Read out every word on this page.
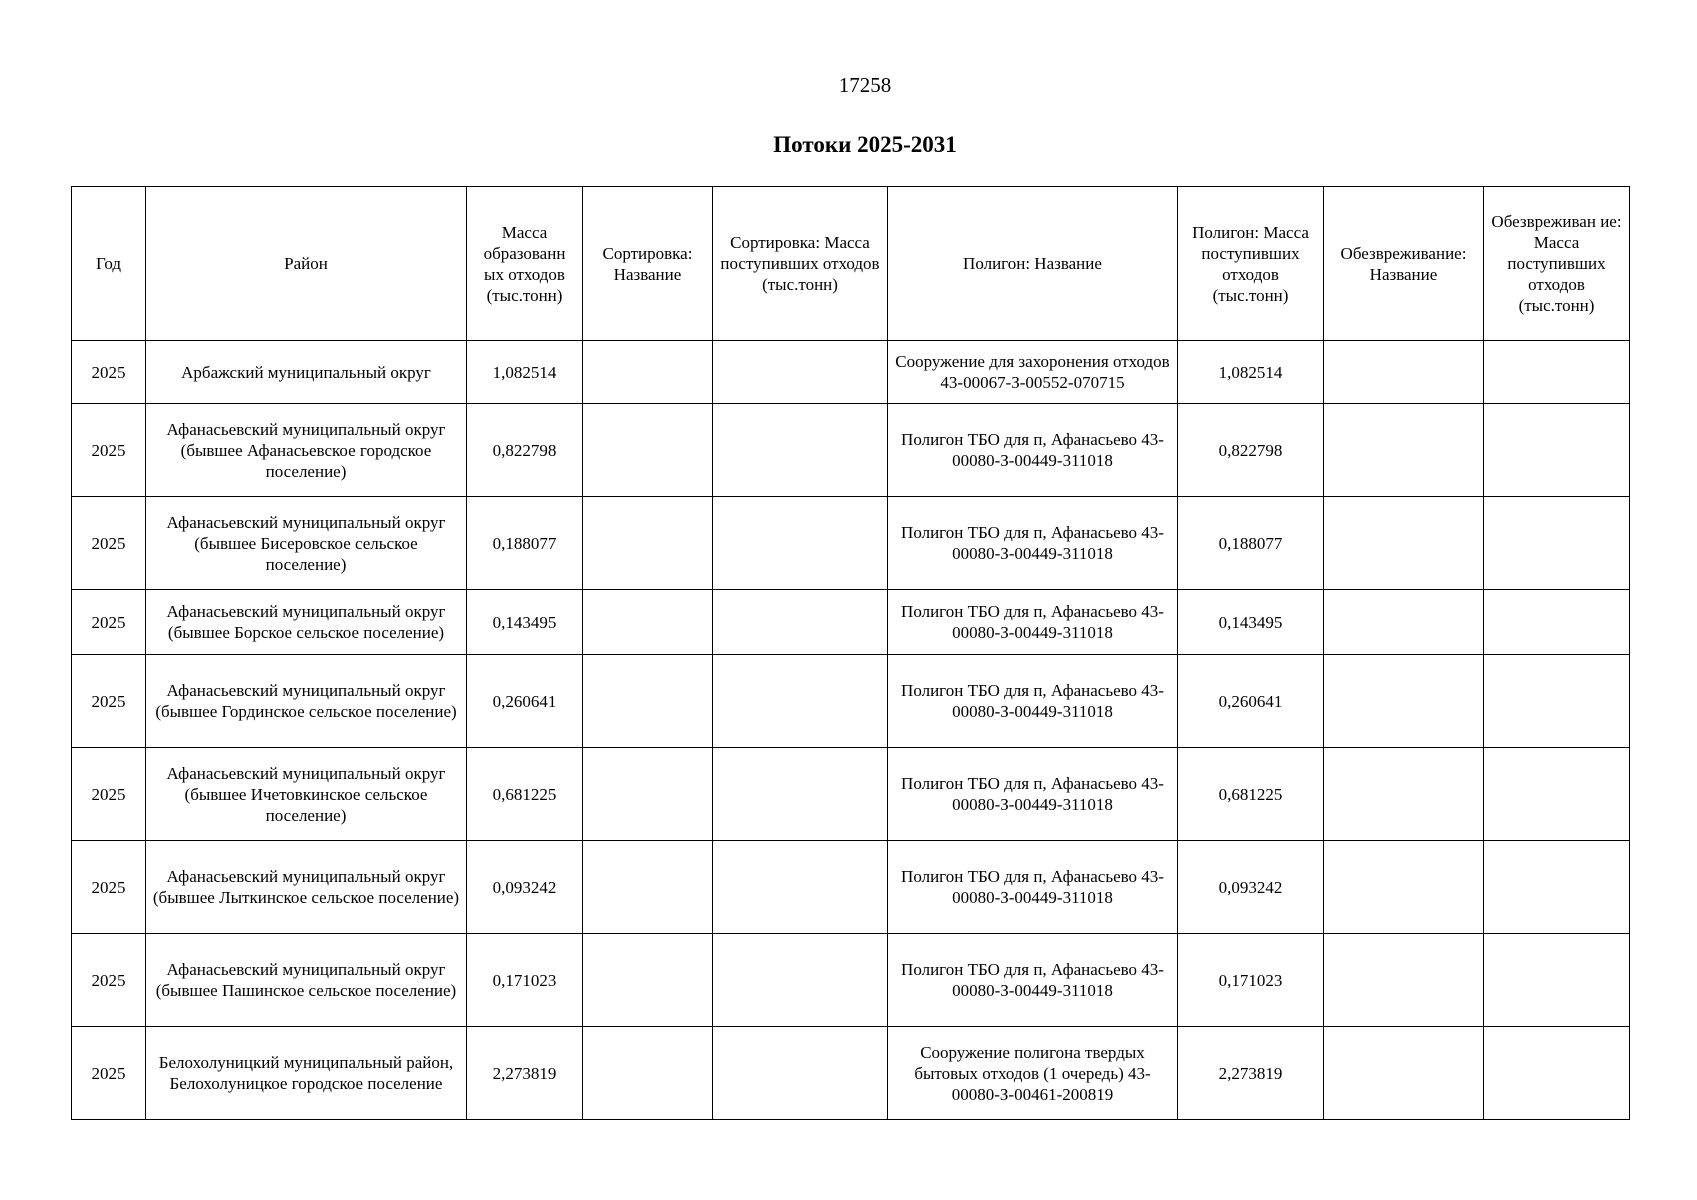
17258
Потоки 2025-2031
Год	Район	Масса образованн ых отходов (тыс.тонн)	Сортировка: Название	Сортировка: Масса поступивших отходов (тыс.тонн)	Полигон: Название	Полигон: Масса поступивших отходов (тыс.тонн)	Обезвреживание: Название	Обезвреживан ие: Масса поступивших отходов (тыс.тонн)
2025	Арбажский муниципальный округ	1,082514			Сооружение для захоронения отходов 43-00067-З-00552-070715	1,082514		
2025	Афанасьевский муниципальный округ (бывшее Афанасьевское городское поселение)	0,822798			Полигон ТБО для п, Афанасьево 43-00080-З-00449-311018	0,822798		
2025	Афанасьевский муниципальный округ (бывшее Бисеровское сельское поселение)	0,188077			Полигон ТБО для п, Афанасьево 43-00080-З-00449-311018	0,188077		
2025	Афанасьевский муниципальный округ (бывшее Борское сельское поселение)	0,143495			Полигон ТБО для п, Афанасьево 43-00080-З-00449-311018	0,143495		
2025	Афанасьевский муниципальный округ (бывшее Гординское сельское поселение)	0,260641			Полигон ТБО для п, Афанасьево 43-00080-З-00449-311018	0,260641		
2025	Афанасьевский муниципальный округ (бывшее Ичетовкинское сельское поселение)	0,681225			Полигон ТБО для п, Афанасьево 43-00080-З-00449-311018	0,681225		
2025	Афанасьевский муниципальный округ (бывшее Лыткинское сельское поселение)	0,093242			Полигон ТБО для п, Афанасьево 43-00080-З-00449-311018	0,093242		
2025	Афанасьевский муниципальный округ (бывшее Пашинское сельское поселение)	0,171023			Полигон ТБО для п, Афанасьево 43-00080-З-00449-311018	0,171023		
2025	Белохолуницкий муниципальный район, Белохолуницкое городское поселение	2,273819			Сооружение полигона твердых бытовых отходов (1 очередь) 43-00080-З-00461-200819	2,273819		
